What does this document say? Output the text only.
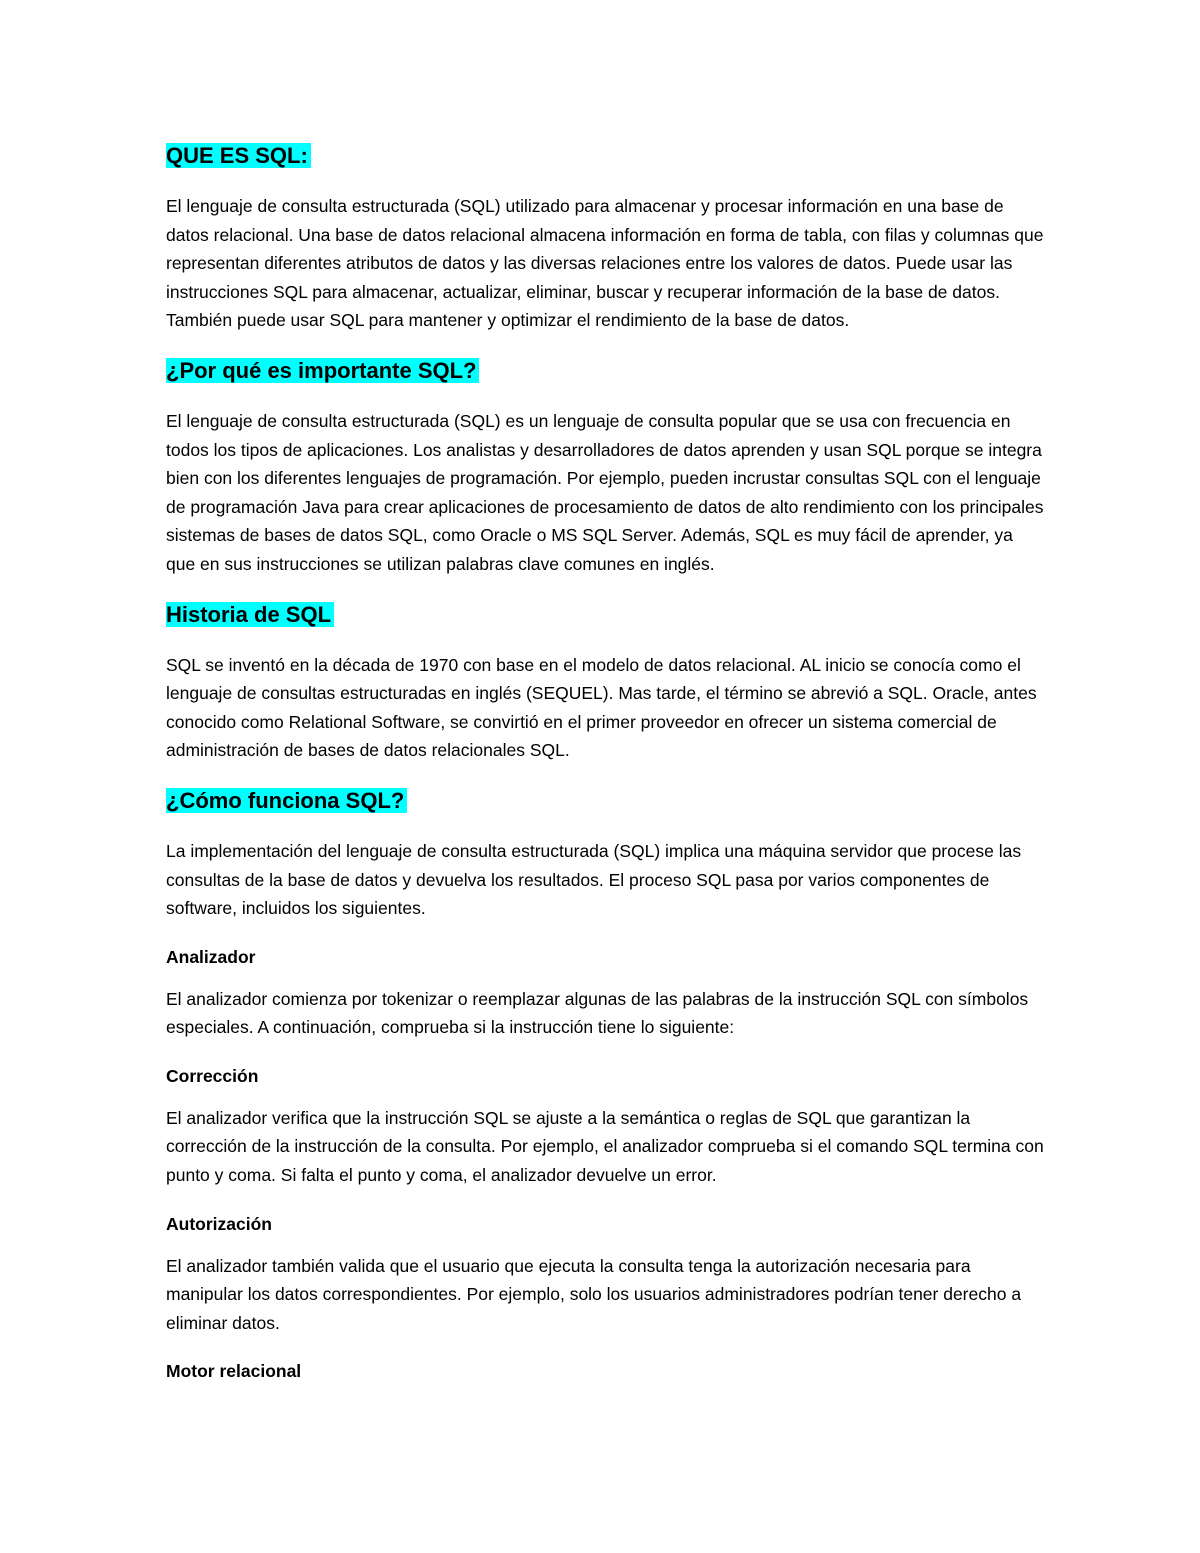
QUE ES SQL:

El lenguaje de consulta estructurada (SQL) utilizado para almacenar y procesar información en una base de datos relacional. Una base de datos relacional almacena información en forma de tabla, con filas y columnas que representan diferentes atributos de datos y las diversas relaciones entre los valores de datos. Puede usar las instrucciones SQL para almacenar, actualizar, eliminar, buscar y recuperar información de la base de datos. También puede usar SQL para mantener y optimizar el rendimiento de la base de datos.

¿Por qué es importante SQL?

El lenguaje de consulta estructurada (SQL) es un lenguaje de consulta popular que se usa con frecuencia en todos los tipos de aplicaciones. Los analistas y desarrolladores de datos aprenden y usan SQL porque se integra bien con los diferentes lenguajes de programación. Por ejemplo, pueden incrustar consultas SQL con el lenguaje de programación Java para crear aplicaciones de procesamiento de datos de alto rendimiento con los principales sistemas de bases de datos SQL, como Oracle o MS SQL Server. Además, SQL es muy fácil de aprender, ya que en sus instrucciones se utilizan palabras clave comunes en inglés.

Historia de SQL

SQL se inventó en la década de 1970 con base en el modelo de datos relacional. AL inicio se conocía como el lenguaje de consultas estructuradas en inglés (SEQUEL). Mas tarde, el término se abrevió a SQL. Oracle, antes conocido como Relational Software, se convirtió en el primer proveedor en ofrecer un sistema comercial de administración de bases de datos relacionales SQL.

¿Cómo funciona SQL?

La implementación del lenguaje de consulta estructurada (SQL) implica una máquina servidor que procese las consultas de la base de datos y devuelva los resultados. El proceso SQL pasa por varios componentes de software, incluidos los siguientes.

Analizador

El analizador comienza por tokenizar o reemplazar algunas de las palabras de la instrucción SQL con símbolos especiales. A continuación, comprueba si la instrucción tiene lo siguiente:

Corrección

El analizador verifica que la instrucción SQL se ajuste a la semántica o reglas de SQL que garantizan la corrección de la instrucción de la consulta. Por ejemplo, el analizador comprueba si el comando SQL termina con punto y coma. Si falta el punto y coma, el analizador devuelve un error.

Autorización

El analizador también valida que el usuario que ejecuta la consulta tenga la autorización necesaria para manipular los datos correspondientes. Por ejemplo, solo los usuarios administradores podrían tener derecho a eliminar datos.

Motor relacional
